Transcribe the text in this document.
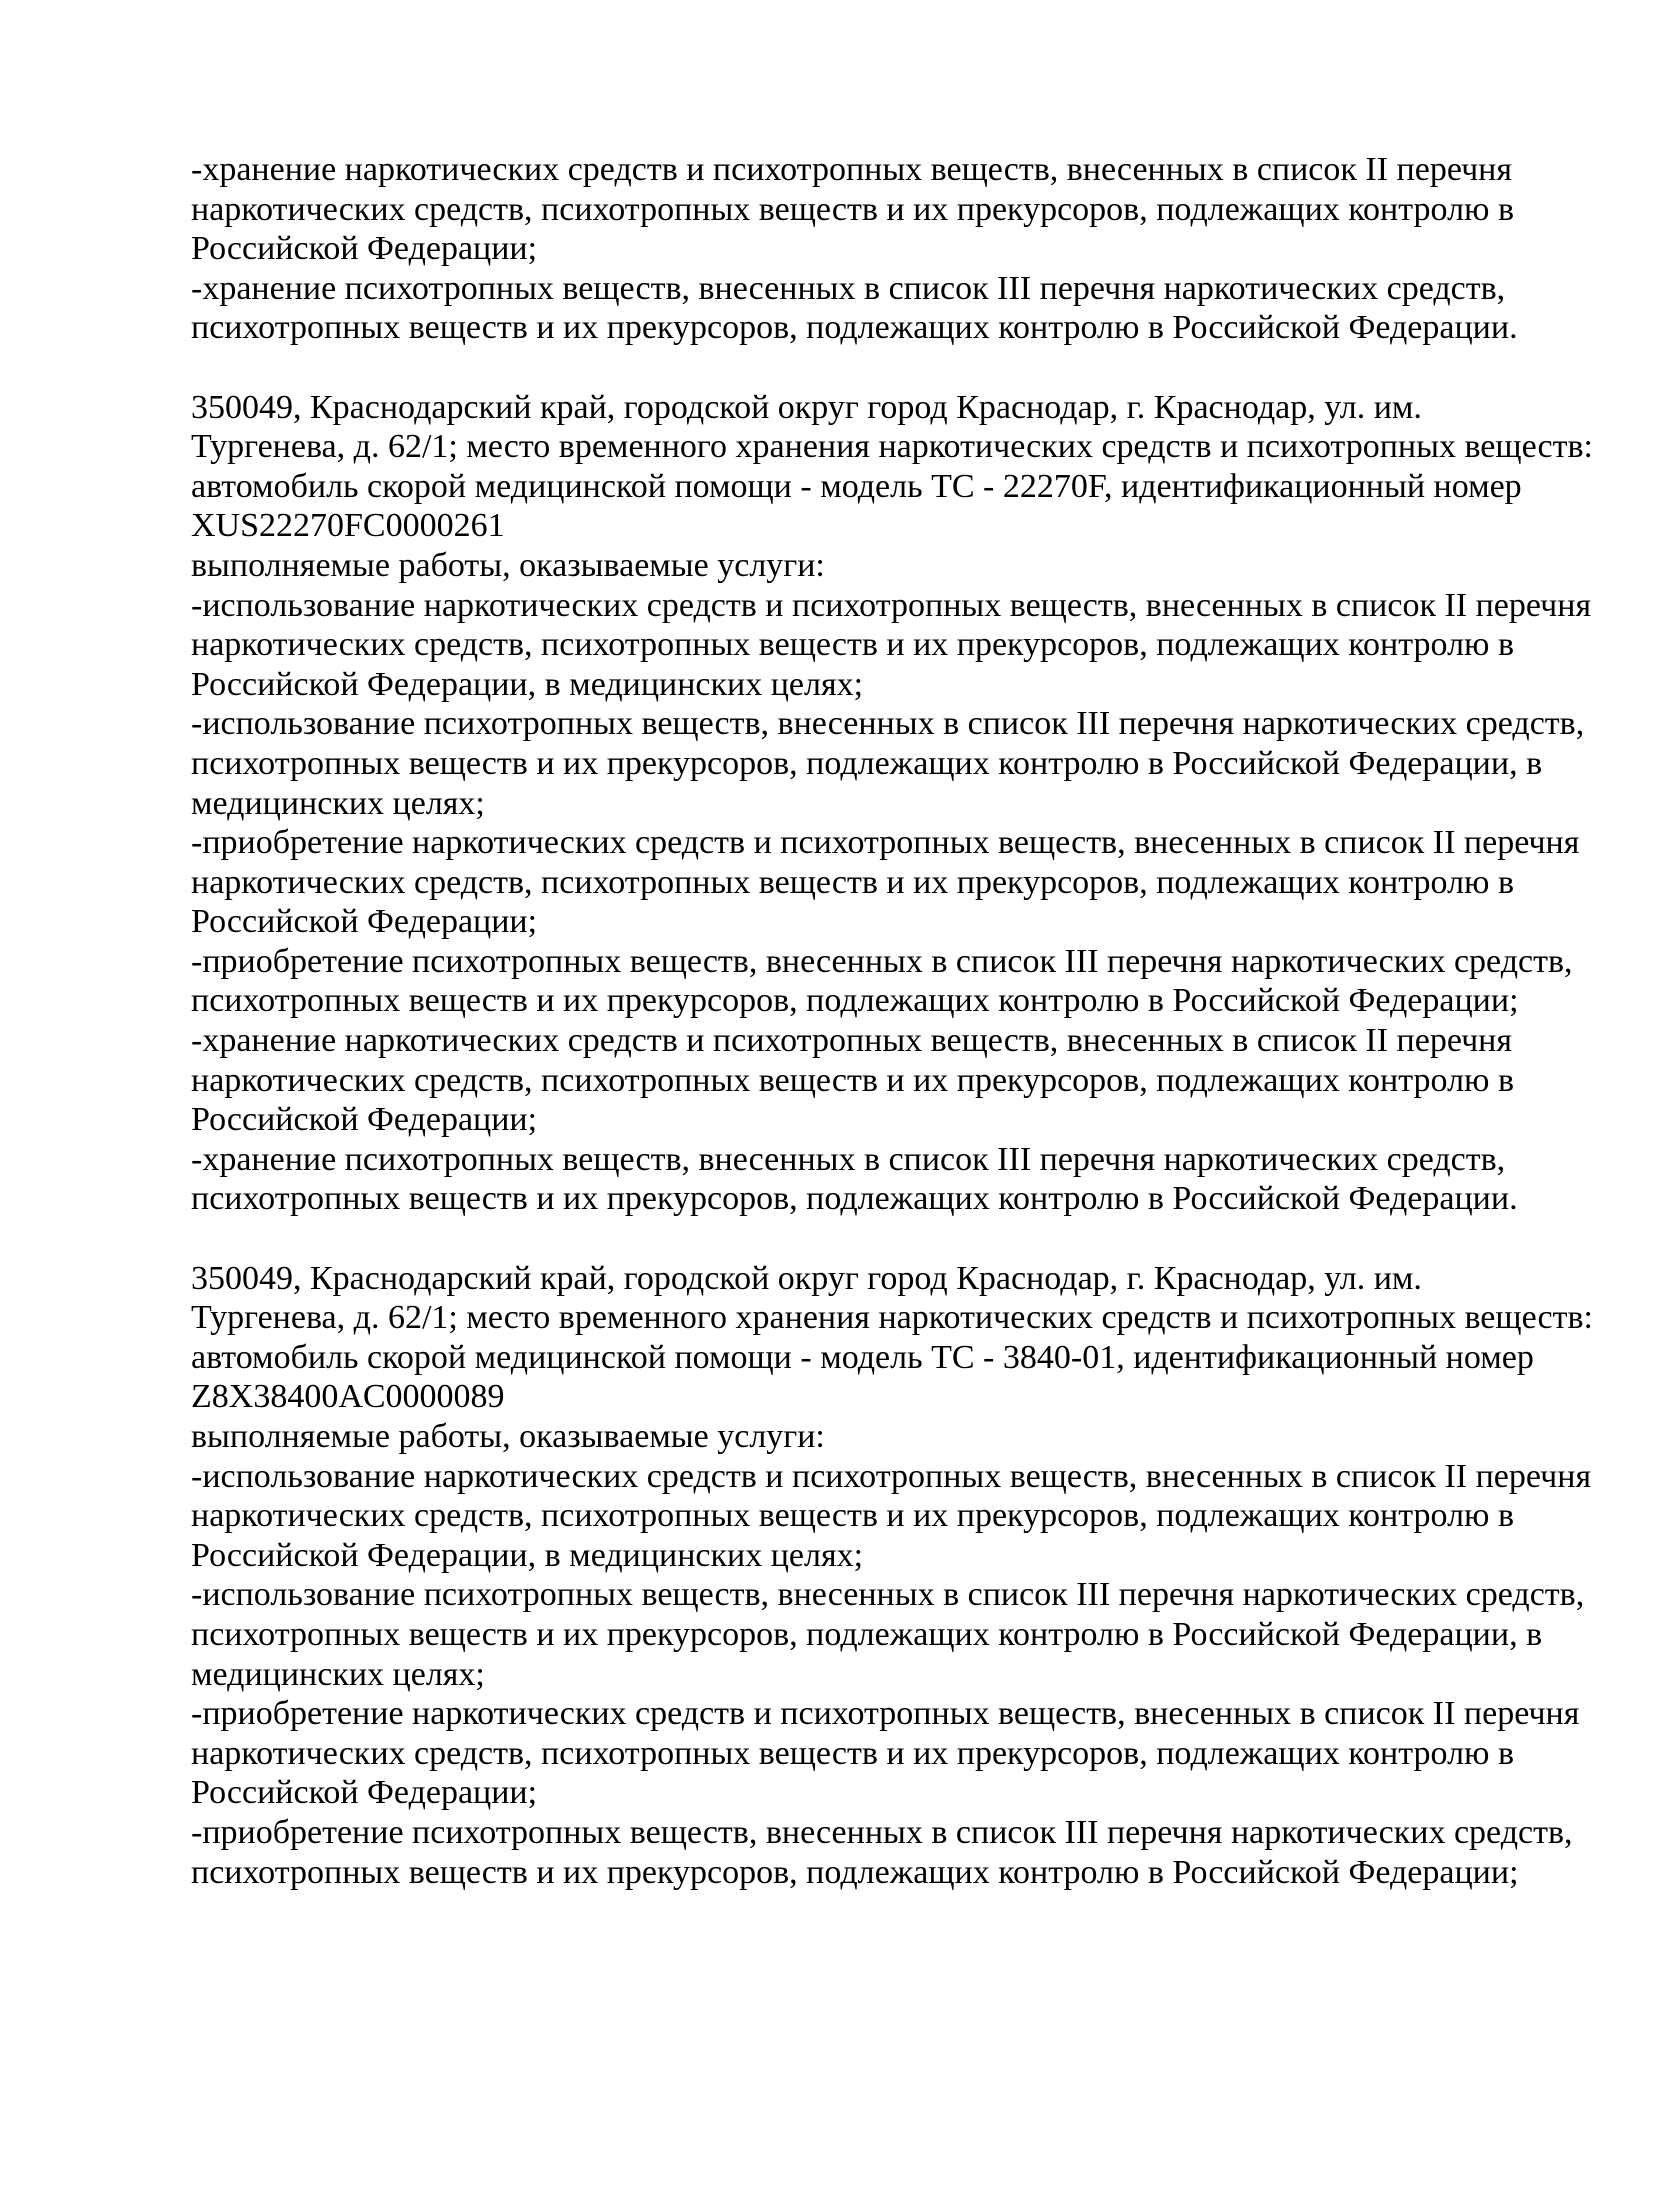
-хранение наркотических средств и психотропных веществ, внесенных в список II перечня
наркотических средств, психотропных веществ и их прекурсоров, подлежащих контролю в
Российской Федерации;
-хранение психотропных веществ, внесенных в список III перечня наркотических средств,
психотропных веществ и их прекурсоров, подлежащих контролю в Российской Федерации.
350049, Краснодарский край, городской округ город Краснодар, г. Краснодар, ул. им.
Тургенева, д. 62/1; место временного хранения наркотических средств и психотропных веществ:
автомобиль скорой медицинской помощи - модель ТС - 22270F, идентификационный номер
XUS22270FC0000261
выполняемые работы, оказываемые услуги:
-использование наркотических средств и психотропных веществ, внесенных в список II перечня
наркотических средств, психотропных веществ и их прекурсоров, подлежащих контролю в
Российской Федерации, в медицинских целях;
-использование психотропных веществ, внесенных в список III перечня наркотических средств,
психотропных веществ и их прекурсоров, подлежащих контролю в Российской Федерации, в
медицинских целях;
-приобретение наркотических средств и психотропных веществ, внесенных в список II перечня
наркотических средств, психотропных веществ и их прекурсоров, подлежащих контролю в
Российской Федерации;
-приобретение психотропных веществ, внесенных в список III перечня наркотических средств,
психотропных веществ и их прекурсоров, подлежащих контролю в Российской Федерации;
-хранение наркотических средств и психотропных веществ, внесенных в список II перечня
наркотических средств, психотропных веществ и их прекурсоров, подлежащих контролю в
Российской Федерации;
-хранение психотропных веществ, внесенных в список III перечня наркотических средств,
психотропных веществ и их прекурсоров, подлежащих контролю в Российской Федерации.
350049, Краснодарский край, городской округ город Краснодар, г. Краснодар, ул. им.
Тургенева, д. 62/1; место временного хранения наркотических средств и психотропных веществ:
автомобиль скорой медицинской помощи - модель ТС - 3840-01, идентификационный номер
Z8X38400AC0000089
выполняемые работы, оказываемые услуги:
-использование наркотических средств и психотропных веществ, внесенных в список II перечня
наркотических средств, психотропных веществ и их прекурсоров, подлежащих контролю в
Российской Федерации, в медицинских целях;
-использование психотропных веществ, внесенных в список III перечня наркотических средств,
психотропных веществ и их прекурсоров, подлежащих контролю в Российской Федерации, в
медицинских целях;
-приобретение наркотических средств и психотропных веществ, внесенных в список II перечня
наркотических средств, психотропных веществ и их прекурсоров, подлежащих контролю в
Российской Федерации;
-приобретение психотропных веществ, внесенных в список III перечня наркотических средств,
психотропных веществ и их прекурсоров, подлежащих контролю в Российской Федерации;
